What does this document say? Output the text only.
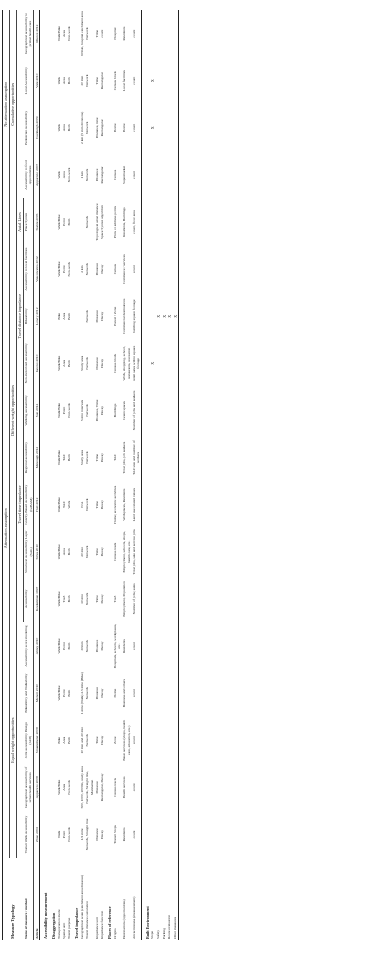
	Attenuation assumption														No attenuation assumption			
Measure Typology	Equal weight opportunities					Different weight opportunities									Cumulative opportunities			
						Travel time impedance					Travel distance impedance			Axial Lines				
Name of measure / method	Transit Walk Accessibility	Geographical accessibility of urban health services	Joint accessibility Design (JAD)	Bikeability and Walkability	Accessibility score modeling	Accessibility	Structural Accessibility Layer (SAL)	Gravity-Based Accessibility (GrBAM)	Regional accessibility	Walking accessibility	Non-motorized accessibility	Bikeability	Accessibility to local facilities	Place Syntax	Accessibility to food opportunities	Pedestrian Accessibility	Local Accessibility	Geographical accessibility to primal health care
Article	Zhao 2003	Apparicio 2008	Straatemeier 2008	Mcneil 2010	Abley 2010	Koekelman 1997	Silva 2010	Hull 2012	Mavoagh 2012	Sun 2012	Iacono 2010	Lowry 2012	Vasconcelos 2012	Stahle 2005	Apparicio 2007	Cuckleigh 2009	Vale 2010	Munoz 2012
Accessibility measurement																		
Disaggregation																		
Transportation mode	Walk	Walk/Bike	Bike	Walk/Bike	Walk/Bike	Walk/Bike	Walk/Bike	Walk/Bike	Walk/Bike	Walk/Bike	Walk/Bike	Bike	Walk/Bike	Walk/Bike	Walk	Walk	Walk	Walk/Bike
Spatial unit	Point	Area	Area	Point	Point	TAZ	Area	TAZ	TAZ	Point	Area	Area	Point	Point	Area	Area	Area	Area
Travel purpose	Non-work	Non-work	Both	Both	Both	Both	Both	Work	Both	Non-work	Both	Both	Non-work	Both	Non-work	Both	Both	Non-work
Travel impedance																		
Geographical scale (catchment area distance)	1/2 mile	500, 1000, 2000m, study area	10 min and 20 min	1 mile (Walk) 2.5 mile (Bike)	30min	30 min	20 min	N/A	Study area	5 min intervals	Study area		2 km		1 km	2 km (5 min divisions)	30 min	60min, hospital catchment area
Travel distance calculation	Network, Straight line	Network, Straight line, Manhattan	Network	Network	Network	Network	Network	Network	Network	Network	Network	Network	Network	Network	Network	Network	Network	Network
Impedance unit	Distance	Distance	Time	Distance	Distance	Time	Time	Time	Time	Distance, Time	Distance	Distance	Distance	Topological axial distance	Distance	Distance, time	Time	Time
Impedance function	Decay	Rectangular, Decay	Decay	Decay	Decay	Decay	Decay	Decay	Decay	Decay	Decay	Decay	Decay	Space Syntax algorithm	Rectangular	Rectangular	Rectangular	count
Places of reference																		
Origins	Transit Stops	Census tracts	Zone	Home	Hospitals, schools, workplaces, etc.	TAZ	Census track	Home; economic activities	TAZ	Buildings	Census block	Parcel / Zone	Census	Plots or address points	Census	Home	Census block	Hospital
Destinations (opportunities)	Residents	Health services	Basic services (shops, health care, education, etc.)	Business and others	Residents	Employment, Population	Employment, schools, shops, health care, etc.	Workplaces, Residents	Total jobs, job seekers	Green spaces	Work, shopping, school, restaurants, recreation	Commercial destinations	Commerce / services	Residents, Buildings	Supermarket	Home	Local facilities	Residents
Attractiveness (measurement)	count	count	count	count	count	Number of jobs; sales	Total jobs, sale and service jobs	Land use related values	TAZ size and number of workers	Number of jobs and seekers	retail sales within square footage	building square footage	count	count, floor area	count	count	count	count
Built Environment																		
Slope											X					X	X	
Safety												X						
Parking												X						
Route evaluation												X						
Other measures												X						
